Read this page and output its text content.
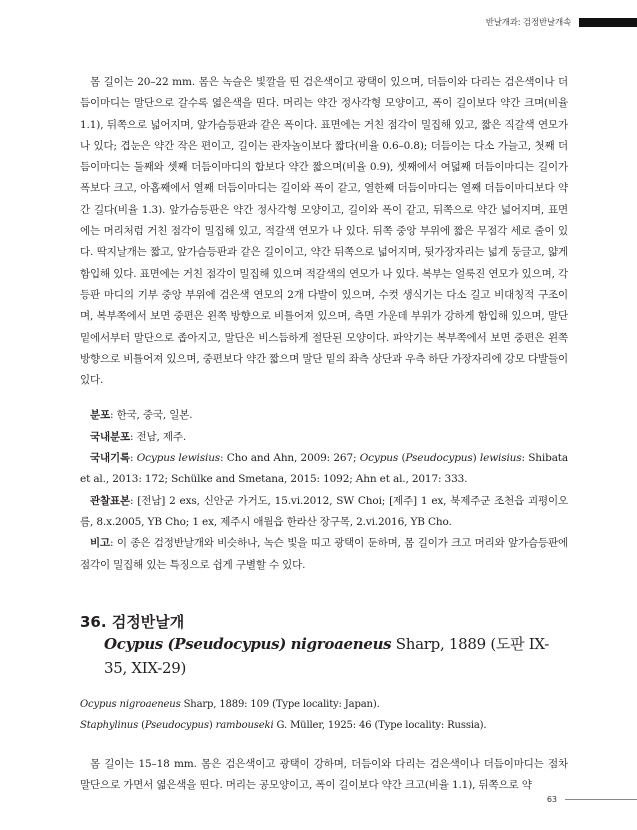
반날개과: 검정반날개속

몸 길이는 20–22 mm. 몸은 녹슬은 빛깔을 띤 검은색이고 광택이 있으며, 더듬이와 다리는 검은색이나 더듬이마디는 말단으로 갈수록 엷은색을 띤다. 머리는 약간 정사각형 모양이고, 폭이 길이보다 약간 크며(비율 1.1), 뒤쪽으로 넓어지며, 앞가슴등판과 같은 폭이다. 표면에는 거친 점각이 밀집해 있고, 짧은 직갈색 연모가 나 있다; 겹눈은 약간 작은 편이고, 길이는 관자놀이보다 짧다(비율 0.6–0.8); 더듬이는 다소 가늘고, 첫째 더듬이마디는 둘째와 셋째 더듬이마디의 합보다 약간 짧으며(비율 0.9), 셋째에서 여덟째 더듬이마디는 길이가 폭보다 크고, 아홉째에서 열째 더듬이마디는 길이와 폭이 같고, 열한째 더듬이마디는 열째 더듬이마디보다 약간 길다(비율 1.3). 앞가슴등판은 약간 정사각형 모양이고, 길이와 폭이 같고, 뒤쪽으로 약간 넓어지며, 표면에는 머리처럼 거친 점각이 밀집해 있고, 적갈색 연모가 나 있다. 뒤쪽 중앙 부위에 짧은 무점각 세로 줄이 있다. 딱지날개는 짧고, 앞가슴등판과 같은 길이이고, 약간 뒤쪽으로 넓어지며, 뒷가장자리는 넓게 둥글고, 얇게 함입해 있다. 표면에는 거친 점각이 밀집해 있으며 적갈색의 연모가 나 있다. 복부는 얼룩진 연모가 있으며, 각 등판 마디의 기부 중앙 부위에 검은색 연모의 2개 다발이 있으며, 수컷 생식기는 다소 길고 비대칭적 구조이며, 복부쪽에서 보면 중편은 왼쪽 방향으로 비틀어져 있으며, 측면 가운데 부위가 강하게 함입해 있으며, 말단 밑에서부터 말단으로 좁아지고, 말단은 비스듬하게 절단된 모양이다. 파악기는 복부쪽에서 보면 중편은 왼쪽 방향으로 비틀어져 있으며, 중편보다 약간 짧으며 말단 밑의 좌측 상단과 우측 하단 가장자리에 강모 다발들이 있다.

분포: 한국, 중국, 일본.

국내분포: 전남, 제주.

국내기록: Ocypus lewisius: Cho and Ahn, 2009: 267; Ocypus (Pseudocypus) lewisius: Shibata et al., 2013: 172; Schülke and Smetana, 2015: 1092; Ahn et al., 2017: 333.

관찰표본: [전남] 2 exs, 신안군 가거도, 15.vi.2012, SW Choi; [제주] 1 ex, 북제주군 조천읍 괴평이오름, 8.x.2005, YB Cho; 1 ex, 제주시 애월읍 한라산 장구목, 2.vi.2016, YB Cho.

비고: 이 종은 검정반날개와 비슷하나, 녹슨 빛을 띠고 광택이 둔하며, 몸 길이가 크고 머리와 앞가슴등판에 점각이 밀집해 있는 특징으로 쉽게 구별할 수 있다.

36. 검정반날개
Ocypus (Pseudocypus) nigroaeneus Sharp, 1889 (도판 IX-35, XIX-29)

Ocypus nigroaeneus Sharp, 1889: 109 (Type locality: Japan).

Staphylinus (Pseudocypus) rambouseki G. Müller, 1925: 46 (Type locality: Russia).

몸 길이는 15–18 mm. 몸은 검은색이고 광택이 강하며, 더듬이와 다리는 검은색이나 더듬이마디는 점차 말단으로 가면서 엷은색을 띤다. 머리는 공모양이고, 폭이 길이보다 약간 크고(비율 1.1), 뒤쪽으로 약

63
